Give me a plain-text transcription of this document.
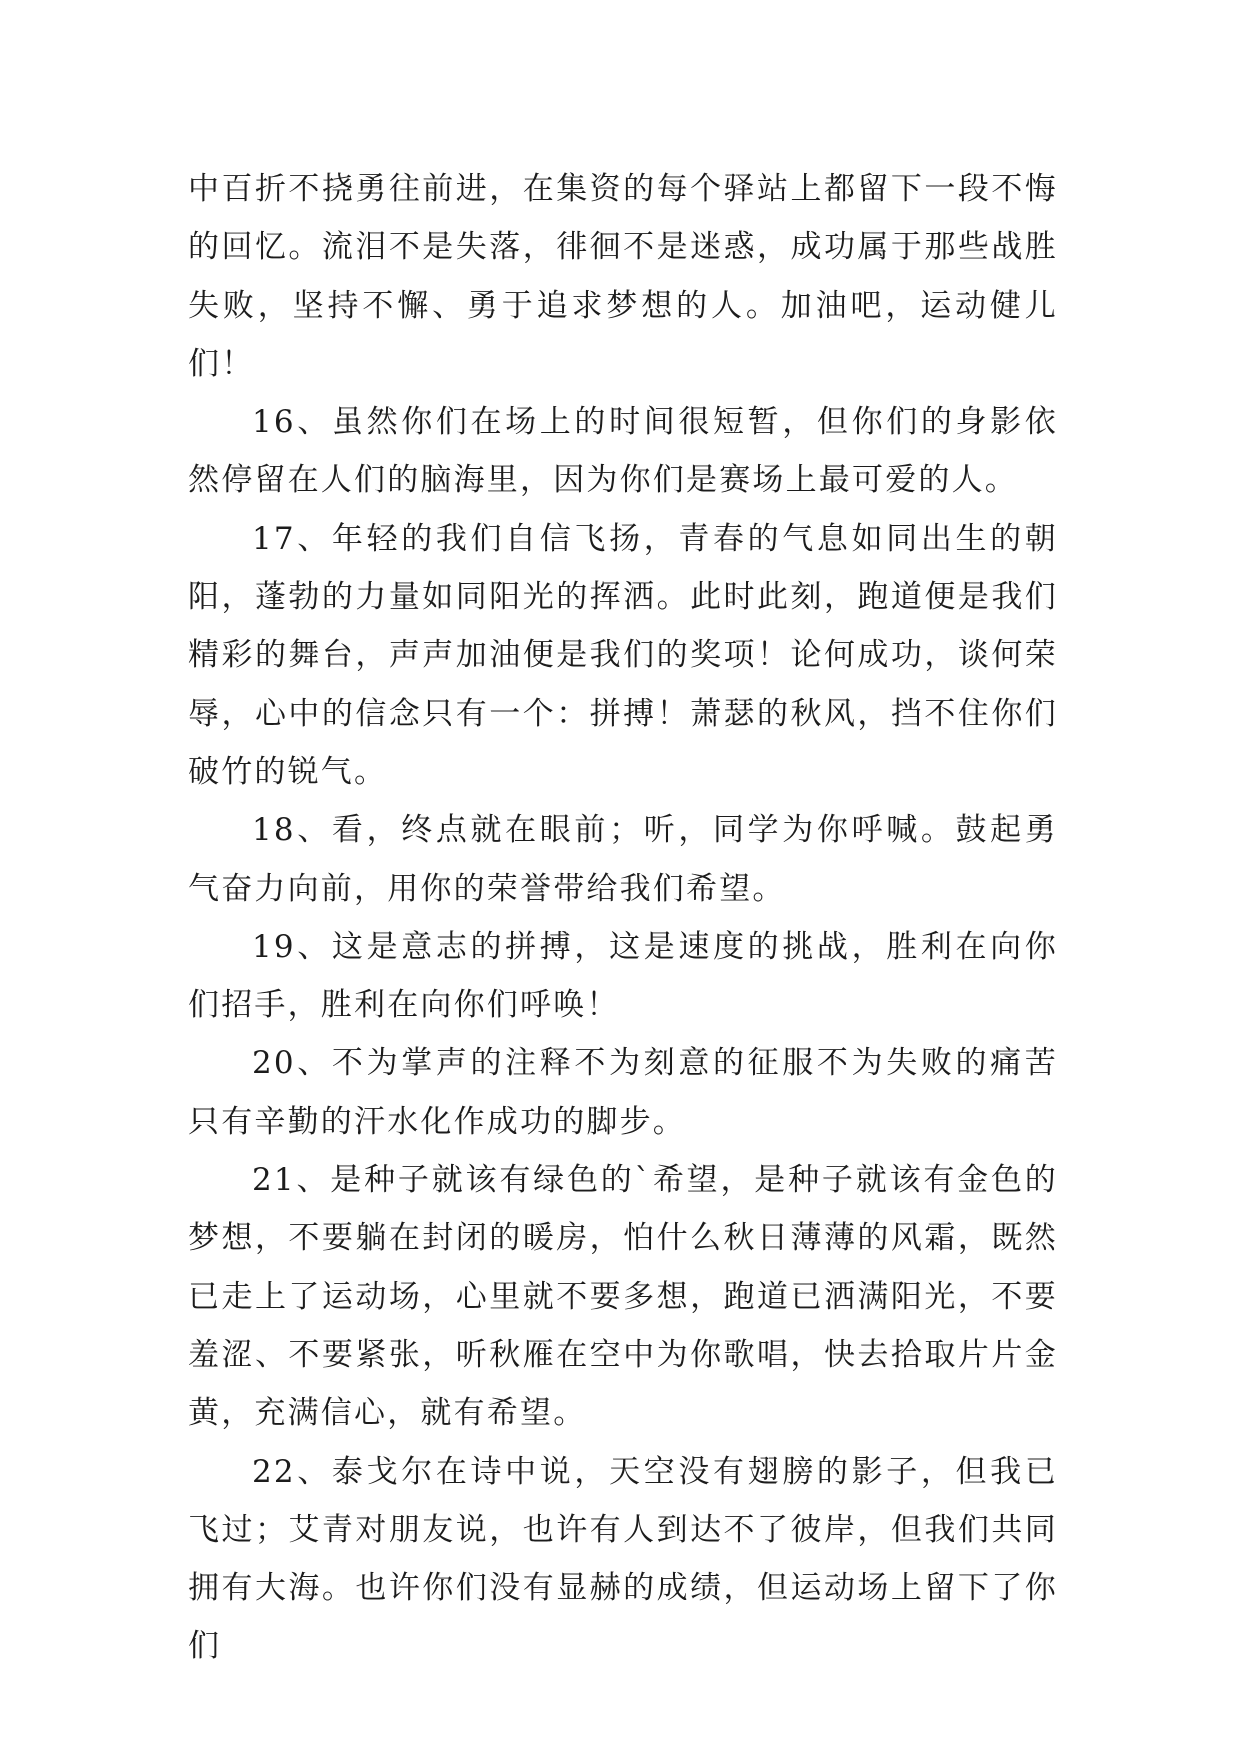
中百折不挠勇往前进，在集资的每个驿站上都留下一段不悔的回忆。流泪不是失落，徘徊不是迷惑，成功属于那些战胜失败，坚持不懈、勇于追求梦想的人。加油吧，运动健儿们！

16、虽然你们在场上的时间很短暂，但你们的身影依然停留在人们的脑海里，因为你们是赛场上最可爱的人。

17、年轻的我们自信飞扬，青春的气息如同出生的朝阳，蓬勃的力量如同阳光的挥洒。此时此刻，跑道便是我们精彩的舞台，声声加油便是我们的奖项！论何成功，谈何荣辱，心中的信念只有一个：拼搏！萧瑟的秋风，挡不住你们破竹的锐气。

18、看，终点就在眼前；听，同学为你呼喊。鼓起勇气奋力向前，用你的荣誉带给我们希望。

19、这是意志的拼搏，这是速度的挑战，胜利在向你们招手，胜利在向你们呼唤！

20、不为掌声的注释不为刻意的征服不为失败的痛苦只有辛勤的汗水化作成功的脚步。

21、是种子就该有绿色的`希望，是种子就该有金色的梦想，不要躺在封闭的暖房，怕什么秋日薄薄的风霜，既然已走上了运动场，心里就不要多想，跑道已洒满阳光，不要羞涩、不要紧张，听秋雁在空中为你歌唱，快去拾取片片金黄，充满信心，就有希望。

22、泰戈尔在诗中说，天空没有翅膀的影子，但我已飞过；艾青对朋友说，也许有人到达不了彼岸，但我们共同拥有大海。也许你们没有显赫的成绩，但运动场上留下了你们
